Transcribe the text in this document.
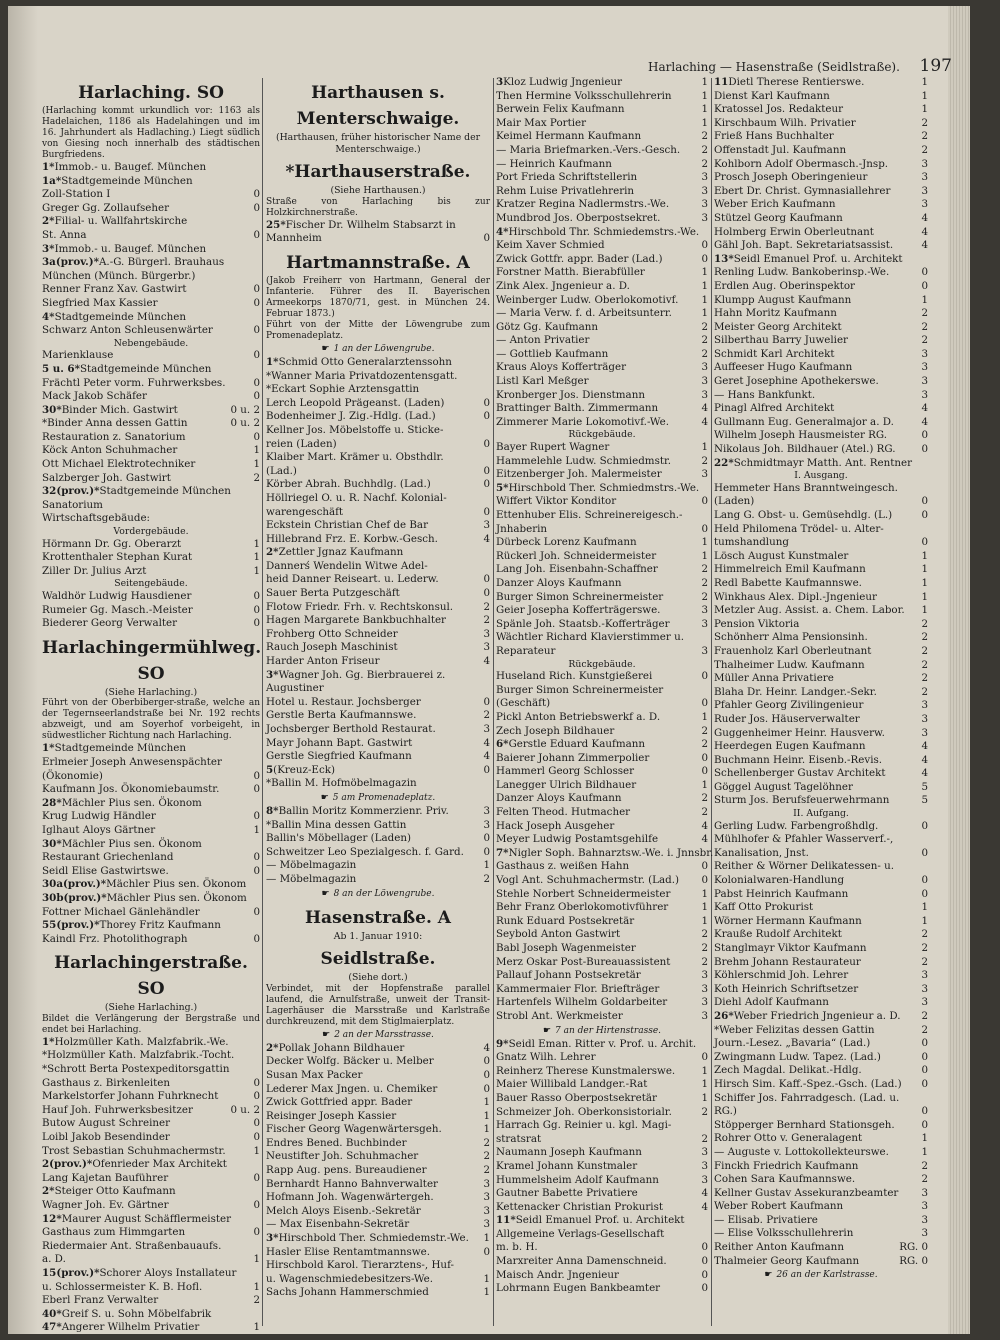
Harlaching — Hasenstraße (Seidlstraße). 197
Harlaching. SO
(Harlaching kommt urkundlich vor: 1163 als Hadelaichen, 1186 als Hadelahingen und im 16. Jahrhundert als Hadlaching.) Liegt südlich von Giesing noch innerhalb des städtischen Burgfriedens.
1* Immob.- u. Baugef. München
1a* Stadtgemeinde München
Zoll-Station I	0
Greger Gg. Zollaufseher	0
2* Filial- u. Wallfahrtskirche
St. Anna	0
3* Immob.- u. Baugef. München
3a(prov.)* A.-G. Bürgerl. Brauhaus
München (Münch. Bürgerbr.)
Renner Franz Xav. Gastwirt	0
Siegfried Max Kassier	0
4* Stadtgemeinde München
Schwarz Anton Schleusenwärter	0
Nebengebäude.
Marienklause	0
5 u. 6* Stadtgemeinde München
Frächtl Peter vorm. Fuhrwerksbes.	0
Mack Jakob Schäfer	0
30* Binder Mich. Gastwirt	0 u. 2
*Binder Anna dessen Gattin	0 u. 2
Restauration z. Sanatorium	0
Köck Anton Schuhmacher	1
Ott Michael Elektrotechniker	1
Salzberger Joh. Gastwirt	2
32(prov.)* Stadtgemeinde München
Sanatorium
Wirtschaftsgebäude:
Vordergebäude.
Hörmann Dr. Gg. Oberarzt	1
Krottenthaler Stephan Kurat	1
Ziller Dr. Julius Arzt	1
Seitengebäude.
Waldhör Ludwig Hausdiener	0
Rumeier Gg. Masch.-Meister	0
Biederer Georg Verwalter	0
Harlachingermühlweg. SO
(Siehe Harlaching.)
Führt von der Oberbiberger-straße, welche an der Tegernseerlandstraße bei Nr. 192 rechts abzweigt, und am Soyerhof vorbeigeht, in südwestlicher Richtung nach Harlaching.
1* Stadtgemeinde München
Erlmeier Joseph Anwesenspächter
(Ökonomie)	0
Kaufmann Jos. Ökonomiebaumstr.	0
28* Mächler Pius sen. Ökonom
Krug Ludwig Händler	0
Iglhaut Aloys Gärtner	1
30* Mächler Pius sen. Ökonom
Restaurant Griechenland	0
Seidl Elise Gastwirtswe.	0
30a(prov.)* Mächler Pius sen. Ökonom
30b(prov.)* Mächler Pius sen. Ökonom
Fottner Michael Gänlehändler	0
55(prov.)* Thorey Fritz Kaufmann
Kaindl Frz. Photolithograph	0
Harlachingerstraße. SO
(Siehe Harlaching.)
Bildet die Verlängerung der Bergstraße und endet bei Harlaching.
1* Holzmüller Kath. Malzfabrik.-We.
*Holzmüller Kath. Malzfabrik.-Tocht.
*Schrott Berta Postexpeditorsgattin
Gasthaus z. Birkenleiten	0
Markelstorfer Johann Fuhrknecht	0
Hauf Joh. Fuhrwerksbesitzer	0 u. 2
Butow August Schreiner	0
Loibl Jakob Besendinder	0
Trost Sebastian Schuhmachermstr.	1
2(prov.)* Ofenrieder Max Architekt
Lang Kajetan Bauführer	0
2* Steiger Otto Kaufmann
Wagner Joh. Ev. Gärtner	0
12* Maurer August Schäfflermeister
Gasthaus zum Himmgarten	0
Riedermaier Ant. Straßenbauaufs.
a. D.	1
15(prov.)* Schorer Aloys Installateur
u. Schlossermeister K. B. Hofl.	1
Eberl Franz Verwalter	2
40* Greif S. u. Sohn Möbelfabrik
47* Angerer Wilhelm Privatier	1
Harthausen s. Menterschwaige.
(Harthausen, früher historischer Name der Menterschwaige.)
*Harthauserstraße.
(Siehe Harthausen.)
Straße von Harlaching bis zur Holzkirchnerstraße.
25* Fischer Dr. Wilhelm Stabsarzt in
Mannheim	0
Hartmannstraße. A
(Jakob Freiherr von Hartmann, General der Infanterie. Führer des II. Bayerischen Armeekorps 1870/71, gest. in München 24. Februar 1873.)
Führt von der Mitte der Löwengrube zum Promenadeplatz.
☛ 1 an der Löwengrube.
1* Schmid Otto Generalarztenssohn
*Wanner Maria Privatdozentensgatt.
*Eckart Sophie Arztensgattin
Lerch Leopold Prägeanst. (Laden)	0
Bodenheimer J. Zig.-Hdlg. (Lad.)	0
Kellner Jos. Möbelstoffe u. Sticke-
reien (Laden)	0
Klaiber Mart. Krämer u. Obsthdlr.
(Lad.)	0
Körber Abrah. Buchhdlg. (Lad.)	0
Höllriegel O. u. R. Nachf. Kolonial-
warengeschäft	0
Eckstein Christian Chef de Bar	3
Hillebrand Frz. E. Korbw.-Gesch.	4
2* Zettler Jgnaz Kaufmann
Dannerś Wendelin Witwe Adel-
heid Danner Reiseart. u. Lederw.	0
Sauer Berta Putzgeschäft	0
Flotow Friedr. Frh. v. Rechtskonsul.	2
Hagen Margarete Bankbuchhalter	2
Frohberg Otto Schneider	3
Rauch Joseph Maschinist	3
Harder Anton Friseur	4
3* Wagner Joh. Gg. Bierbrauerei z.
Augustiner
Hotel u. Restaur. Jochsberger	0
Gerstle Berta Kaufmannswe.	2
Jochsberger Berthold Restaurat.	3
Mayr Johann Bapt. Gastwirt	4
Gerstle Siegfried Kaufmann	4
5 (Kreuz-Eck)	0
*Ballin M. Hofmöbelmagazin
☛ 5 am Promenadeplatz.
8* Ballin Moritz Kommerzienr. Priv.	3
*Ballin Mina dessen Gattin	3
Ballin's Möbellager (Laden)	0
Schweitzer Leo Spezialgesch. f. Gard.	0
— Möbelmagazin	1
— Möbelmagazin	2
☛ 8 an der Löwengrube.
Hasenstraße. A
Ab 1. Januar 1910:
Seidlstraße.
(Siehe dort.)
Verbindet, mit der Hopfenstraße parallel laufend, die Arnulfstraße, unweit der Transit-Lagerhäuser die Marsstraße und Karlstraße durchkreuzend, mit dem Stiglmaierplatz.
☛ 2 an der Marsstrasse.
2* Pollak Johann Bildhauer	4
Decker Wolfg. Bäcker u. Melber	0
Susan Max Packer	0
Lederer Max Jngen. u. Chemiker	0
Zwick Gottfried appr. Bader	1
Reisinger Joseph Kassier	1
Fischer Georg Wagenwärtersgeh.	1
Endres Bened. Buchbinder	2
Neustifter Joh. Schuhmacher	2
Rapp Aug. pens. Bureaudiener	2
Bernhardt Hanno Bahnverwalter	3
Hofmann Joh. Wagenwärtergeh.	3
Melch Aloys Eisenb.-Sekretär	3
— Max Eisenbahn-Sekretär	3
3* Hirschbold Ther. Schmiedemstr.-We.	1
Hasler Elise Rentamtmannswe.	0
Hirschbold Karol. Tierarztens-, Huf-
u. Wagenschmiedebesitzers-We.	1
Sachs Johann Hammerschmied	1
3 Kloz Ludwig Jngenieur	1
Then Hermine Volksschullehrerin	1
Berwein Felix Kaufmann	1
Mair Max Portier	1
Keimel Hermann Kaufmann	2
— Maria Briefmarken.-Vers.-Gesch.	2
— Heinrich Kaufmann	2
Port Frieda Schriftstellerin	3
Rehm Luise Privatlehrerin	3
Kratzer Regina Nadlermstrs.-We.	3
Mundbrod Jos. Oberpostsekret.	3
4* Hirschbold Thr. Schmiedemstrs.-We.
Keim Xaver Schmied	0
Zwick Gottfr. appr. Bader (Lad.)	0
Forstner Matth. Bierabfüller	1
Zink Alex. Jngenieur a. D.	1
Weinberger Ludw. Oberlokomotivf.	1
— Maria Verw. f. d. Arbeitsunterr.	1
Götz Gg. Kaufmann	2
— Anton Privatier	2
— Gottlieb Kaufmann	2
Kraus Aloys Kofferträger	3
Listl Karl Meßger	3
Kronberger Jos. Dienstmann	3
Brattinger Balth. Zimmermann	4
Zimmerer Marie Lokomotivf.-We.	4
Rückgebäude.
Bayer Rupert Wagner	1
Hammelehle Ludw. Schmiedmstr.	2
Eitzenberger Joh. Malermeister	3
5* Hirschbold Ther. Schmiedmstrs.-We.
Wiffert Viktor Konditor	0
Ettenhuber Elis. Schreinereigesch.-
Jnhaberin	0
Dürbeck Lorenz Kaufmann	1
Rückerl Joh. Schneidermeister	1
Lang Joh. Eisenbahn-Schaffner	2
Danzer Aloys Kaufmann	2
Burger Simon Schreinermeister	2
Geier Josepha Kofferträgerswe.	3
Spänle Joh. Staatsb.-Kofferträger	3
Wächtler Richard Klavierstimmer u.
Reparateur	3
Rückgebäude.
Huseland Rich. Kunstgießerei	0
Burger Simon Schreinermeister
(Geschäft)	0
Pickl Anton Betriebswerkf a. D.	1
Zech Joseph Bildhauer	2
6* Gerstle Eduard Kaufmann	2
Baierer Johann Zimmerpolier	0
Hammerl Georg Schlosser	0
Lanegger Ulrich Bildhauer	1
Danzer Aloys Kaufmann	2
Felten Theod. Hutmacher	2
Hack Joseph Ausgeher	4
Meyer Ludwig Postamtsgehilfe	4
7* Nigler Soph. Bahnarztsw.-We. i. Jnnsbr.
Gasthaus z. weißen Hahn	0
Vogl Ant. Schuhmachermstr. (Lad.)	0
Stehle Norbert Schneidermeister	1
Behr Franz Oberlokomotivführer	1
Runk Eduard Postsekretär	1
Seybold Anton Gastwirt	2
Babl Joseph Wagenmeister	2
Merz Oskar Post-Bureauassistent	2
Pallauf Johann Postsekretär	3
Kammermaier Flor. Briefträger	3
Hartenfels Wilhelm Goldarbeiter	3
Strobl Ant. Werkmeister	3
☛ 7 an der Hirtenstrasse.
9* Seidl Eman. Ritter v. Prof. u. Archit.
Gnatz Wilh. Lehrer	0
Reinherz Therese Kunstmalerswe.	1
Maier Willibald Landger.-Rat	1
Bauer Rasso Oberpostsekretär	1
Schmeizer Joh. Oberkonsistorialr.	2
Harrach Gg. Reinier u. kgl. Magi-
stratsrat	2
Naumann Joseph Kaufmann	3
Kramel Johann Kunstmaler	3
Hummelsheim Adolf Kaufmann	3
Gautner Babette Privatiere	4
Kettenacker Christian Prokurist	4
11* Seidl Emanuel Prof. u. Architekt
Allgemeine Verlags-Gesellschaft
m. b. H.	0
Marxreiter Anna Damenschneid.	0
Maisch Andr. Jngenieur	0
Lohrmann Eugen Bankbeamter	0
11 Dietl Therese Rentierswe.	1
Dienst Karl Kaufmann	1
Kratossel Jos. Redakteur	1
Kirschbaum Wilh. Privatier	2
Frieß Hans Buchhalter	2
Offenstadt Jul. Kaufmann	2
Kohlborn Adolf Obermasch.-Jnsp.	3
Prosch Joseph Oberingenieur	3
Ebert Dr. Christ. Gymnasiallehrer	3
Weber Erich Kaufmann	3
Stützel Georg Kaufmann	4
Holmberg Erwin Oberleutnant	4
Gähl Joh. Bapt. Sekretariatsassist.	4
13* Seidl Emanuel Prof. u. Architekt
Renling Ludw. Bankoberinsp.-We.	0
Erdlen Aug. Oberinspektor	0
Klumpp August Kaufmann	1
Hahn Moritz Kaufmann	2
Meister Georg Architekt	2
Silberthau Barry Juwelier	2
Schmidt Karl Architekt	3
Auffeeser Hugo Kaufmann	3
Geret Josephine Apothekerswe.	3
— Hans Bankfunkt.	3
Pinagl Alfred Architekt	4
Gullmann Eug. Generalmajor a. D.	4
Wilhelm Joseph Hausmeister RG.	0
Nikolaus Joh. Bildhauer (Atel.) RG.	0
22* Schmidtmayr Matth. Ant. Rentner
I. Ausgang.
Hemmeter Hans Branntweingesch.
(Laden)	0
Lang G. Obst- u. Gemüsehdlg. (L.)	0
Held Philomena Trödel- u. Alter-
tumshandlung	0
Lösch August Kunstmaler	1
Himmelreich Emil Kaufmann	1
Redl Babette Kaufmannswe.	1
Winkhaus Alex. Dipl.-Jngenieur	1
Metzler Aug. Assist. a. Chem. Labor.	1
Pension Viktoria	2
Schönherr Alma Pensionsinh.	2
Frauenholz Karl Oberleutnant	2
Thalheimer Ludw. Kaufmann	2
Müller Anna Privatiere	2
Blaha Dr. Heinr. Landger.-Sekr.	2
Pfahler Georg Zivilingenieur	3
Ruder Jos. Häuserverwalter	3
Guggenheimer Heinr. Hausverw.	3
Heerdegen Eugen Kaufmann	4
Buchmann Heinr. Eisenb.-Revis.	4
Schellenberger Gustav Architekt	4
Göggel August Tagelöhner	5
Sturm Jos. Berufsfeuerwehrmann	5
II. Aufgang.
Gerling Ludw. Farbengroßhdlg.	0
Mühlhofer & Pfahler Wasserverf.-,
Kanalisation, Jnst.	0
Reither & Wörner Delikatessen- u.
Kolonialwaren-Handlung	0
Pabst Heinrich Kaufmann	0
Kaff Otto Prokurist	1
Wörner Hermann Kaufmann	1
Krauße Rudolf Architekt	2
Stanglmayr Viktor Kaufmann	2
Brehm Johann Restaurateur	2
Köhlerschmid Joh. Lehrer	3
Koth Heinrich Schriftsetzer	3
Diehl Adolf Kaufmann	3
26* Weber Friedrich Jngenieur a. D.	2
*Weber Felizitas dessen Gattin	2
Journ.-Lesez. „Bavaria“ (Lad.)	0
Zwingmann Ludw. Tapez. (Lad.)	0
Zech Magdal. Delikat.-Hdlg.	0
Hirsch Sim. Kaff.-Spez.-Gsch. (Lad.)	0
Schiffer Jos. Fahrradgesch. (Lad. u.
RG.)	0
Stöpperger Bernhard Stationsgeh.	0
Rohrer Otto v. Generalagent	1
— Auguste v. Lottokollekteurswe.	1
Finckh Friedrich Kaufmann	2
Cohen Sara Kaufmannswe.	2
Kellner Gustav Assekuranzbeamter	3
Weber Robert Kaufmann	3
— Elisab. Privatiere	3
— Elise Volksschullehrerin	3
Reither Anton Kaufmann	RG. 0
Thalmeier Georg Kaufmann	RG. 0
☛ 26 an der Karlstrasse.
